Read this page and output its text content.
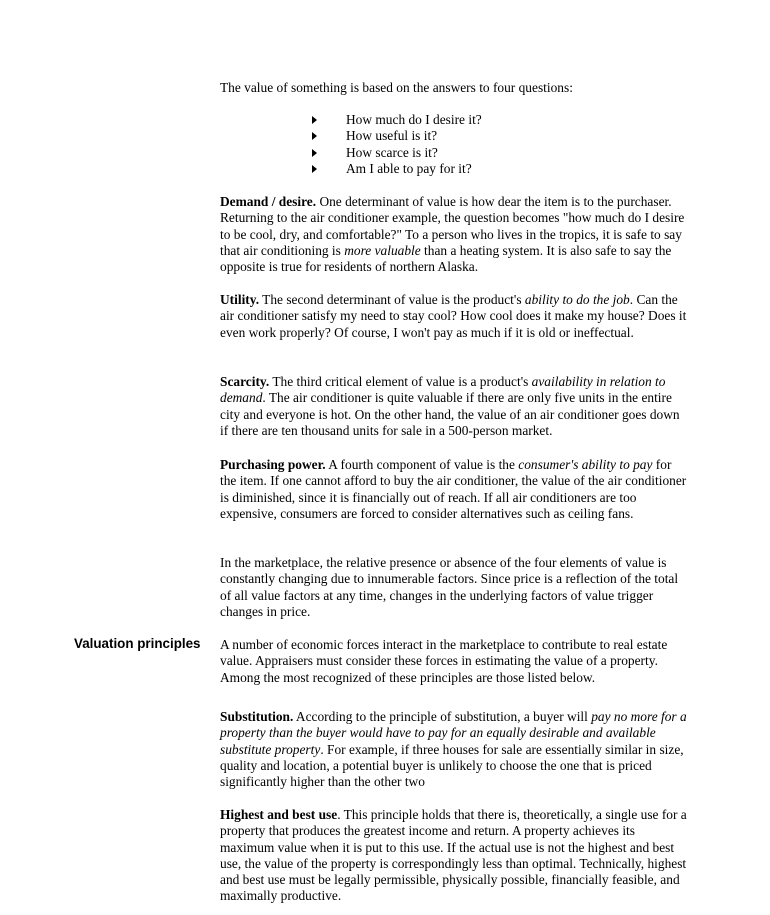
The value of something is based on the answers to four questions:

How much do I desire it?
How useful is it?
How scarce is it?
Am I able to pay for it?

Demand / desire. One determinant of value is how dear the item is to the purchaser. Returning to the air conditioner example, the question becomes "how much do I desire to be cool, dry, and comfortable?" To a person who lives in the tropics, it is safe to say that air conditioning is more valuable than a heating system. It is also safe to say the opposite is true for residents of northern Alaska.

Utility. The second determinant of value is the product's ability to do the job. Can the air conditioner satisfy my need to stay cool? How cool does it make my house? Does it even work properly? Of course, I won't pay as much if it is old or ineffectual.

Scarcity. The third critical element of value is a product's availability in relation to demand. The air conditioner is quite valuable if there are only five units in the entire city and everyone is hot. On the other hand, the value of an air conditioner goes down if there are ten thousand units for sale in a 500-person market.

Purchasing power. A fourth component of value is the consumer's ability to pay for the item. If one cannot afford to buy the air conditioner, the value of the air conditioner is diminished, since it is financially out of reach. If all air conditioners are too expensive, consumers are forced to consider alternatives such as ceiling fans.

In the marketplace, the relative presence or absence of the four elements of value is constantly changing due to innumerable factors. Since price is a reflection of the total of all value factors at any time, changes in the underlying factors of value trigger changes in price.

Valuation principles	A number of economic forces interact in the marketplace to contribute to real estate value. Appraisers must consider these forces in estimating the value of a property. Among the most recognized of these principles are those listed below.

Substitution. According to the principle of substitution, a buyer will pay no more for a property than the buyer would have to pay for an equally desirable and available substitute property. For example, if three houses for sale are essentially similar in size, quality and location, a potential buyer is unlikely to choose the one that is priced significantly higher than the other two

Highest and best use. This principle holds that there is, theoretically, a single use for a property that produces the greatest income and return. A property achieves its maximum value when it is put to this use. If the actual use is not the highest and best use, the value of the property is correspondingly less than optimal. Technically, highest and best use must be legally permissible, physically possible, financially feasible, and maximally productive.
